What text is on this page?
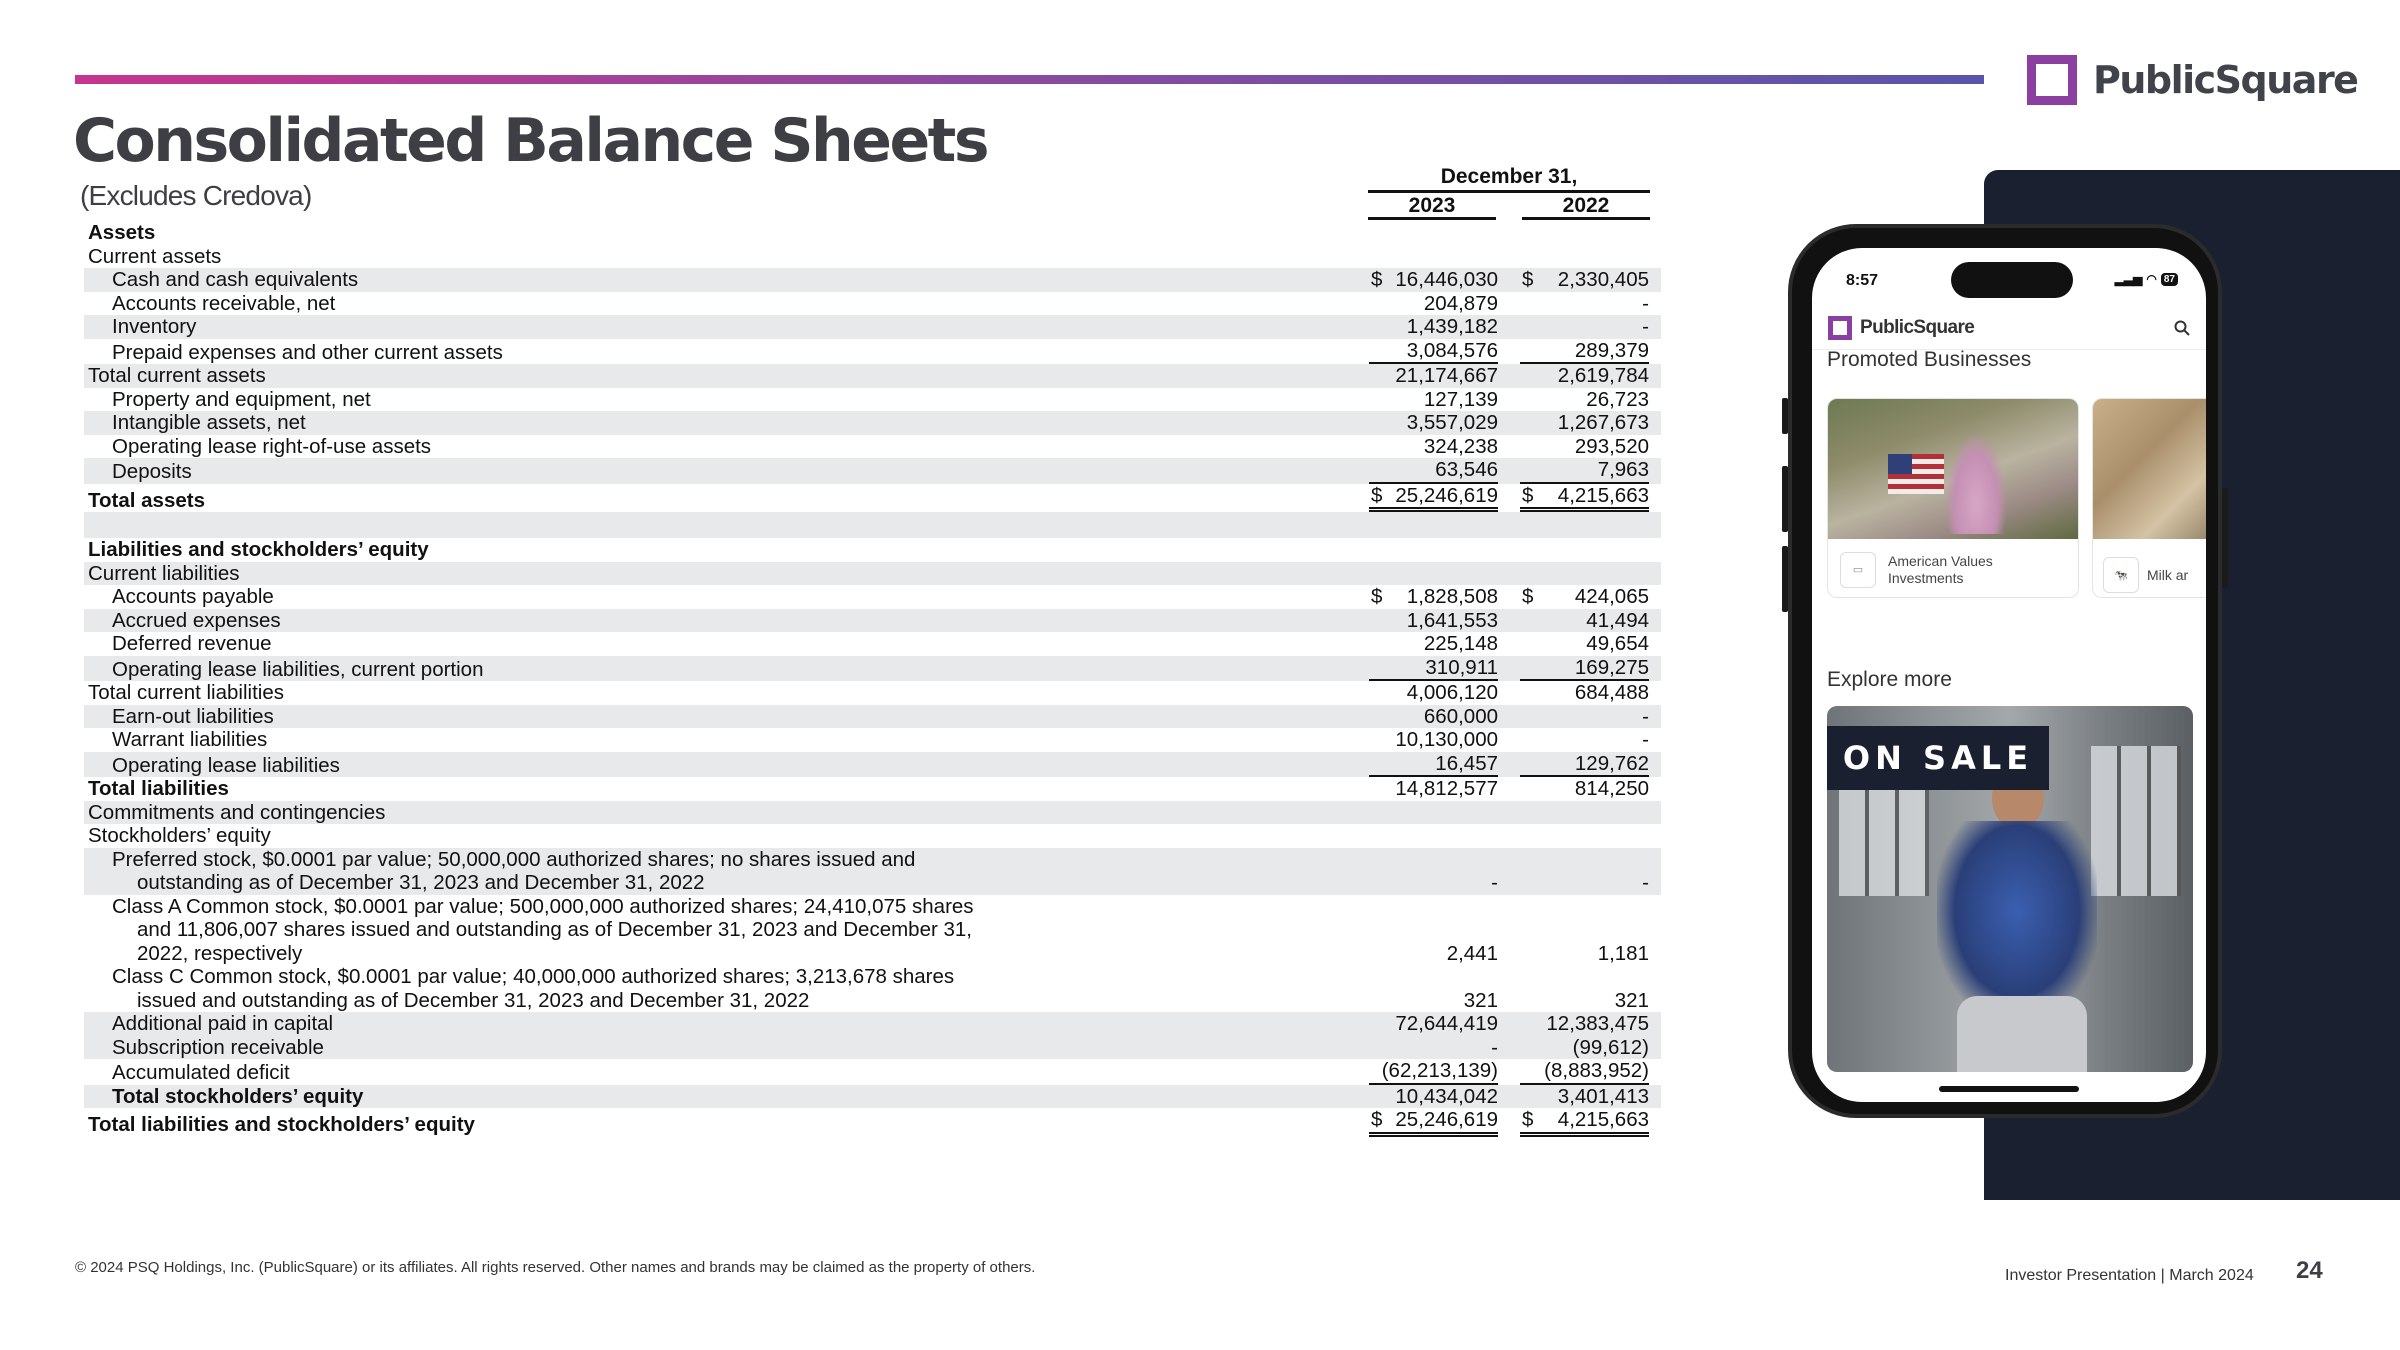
PublicSquare
Consolidated Balance Sheets
(Excludes Credova)
December 31,
2023	2022
Assets
Current assets
Cash and cash equivalents	$ 16,446,030 $ 2,330,405
Accounts receivable, net	204,879	-
Inventory	1,439,182	-
Prepaid expenses and other current assets	3,084,576	289,379
Total current assets	21,174,667	2,619,784
Property and equipment, net	127,139	26,723
Intangible assets, net	3,557,029	1,267,673
Operating lease right-of-use assets	324,238	293,520
Deposits	63,546	7,963
Total assets	$ 25,246,619 $ 4,215,663
Liabilities and stockholders’ equity
Current liabilities
Accounts payable	$ 1,828,508 $ 424,065
Accrued expenses	1,641,553	41,494
Deferred revenue	225,148	49,654
Operating lease liabilities, current portion	310,911	169,275
Total current liabilities	4,006,120	684,488
Earn-out liabilities	660,000	-
Warrant liabilities	10,130,000	-
Operating lease liabilities	16,457	129,762
Total liabilities	14,812,577	814,250
Commitments and contingencies
Stockholders’ equity
Preferred stock, $0.0001 par value; 50,000,000 authorized shares; no shares issued and
outstanding as of December 31, 2023 and December 31, 2022	-	-
Class A Common stock, $0.0001 par value; 500,000,000 authorized shares; 24,410,075 shares
and 11,806,007 shares issued and outstanding as of December 31, 2023 and December 31,
2022, respectively	2,441	1,181
Class C Common stock, $0.0001 par value; 40,000,000 authorized shares; 3,213,678 shares
issued and outstanding as of December 31, 2023 and December 31, 2022	321	321
Additional paid in capital	72,644,419	12,383,475
Subscription receivable	-	(99,612)
Accumulated deficit	(62,213,139)	(8,883,952)
Total stockholders’ equity	10,434,042	3,401,413
Total liabilities and stockholders’ equity	$ 25,246,619 $ 4,215,663
8:57	▂▃▅ ◠ 87
PublicSquare
Promoted Businesses
▭
American Values Investments	🐄	Milk ar
Explore more
ON SALE
© 2024 PSQ Holdings, Inc. (PublicSquare) or its affiliates. All rights reserved. Other names and brands may be claimed as the property of others.	Investor Presentation | March 2024 24
